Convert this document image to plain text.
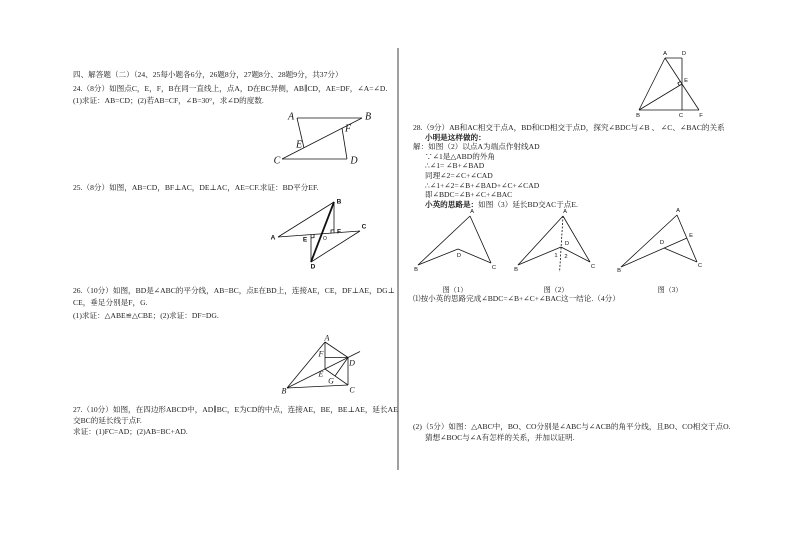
四、解答题（二）（24、25每小题各6分，26题8分，27题8分、28题9分，共37分）
24.（8分）如图点C，E，F，B在同一直线上，点A，D在BC异侧，AB∥CD，AE=DF，∠A=∠D.
(1)求证：AB=CD；(2)若AB=CF，∠B=30°，求∠D的度数.
25.（8分）如图，AB=CD，BF⊥AC，DE⊥AC，AE=CF.求证：BD平分EF.
26.（10分）如图，BD是∠ABC的平分线，AB=BC，点E在BD上，连接AE，CE，DF⊥AE，DG⊥
CE，垂足分别是F，G.
(1)求证：△ABE≌△CBE；(2)求证：DF=DG.
27.（10分）如图，在四边形ABCD中，AD∥BC，E为CD的中点，连接AE，BE，BE⊥AE，延长AE
交BC的延长线于点F.
求证：(1)FC=AD；(2)AB=BC+AD.
28.（9分）AB和AC相交于点A，BD和CD相交于点D，探究∠BDC与∠B 、 ∠C、∠BAC的关系
小明是这样做的：
解：如图（2）以点A为端点作射线AD
∵∠1是△ABD的外角
∴∠1= ∠B+∠BAD
同理∠2=∠C+∠CAD
∴∠1+∠2=∠B+∠BAD+∠C+∠CAD
即∠BDC=∠B+∠C+∠BAC
小英的思路是：如图（3）延长BD交AC于点E.
⑴按小英的思路完成∠BDC=∠B+∠C+∠BAC这一结论.（4分）
(2)（5分）如图：△ABC中，BO、CO分别是∠ABC与∠ACB的角平分线，且BO、CO相交于点O.
猜想∠BOC与∠A有怎样的关系，并加以证明.
A	B
C	D
E
F
A
B
C
D
E
F
O
A
B	C
D
E
F
G
A
B	C
D
E
F
A
B	C
D
图（1）
A
B	C
D
1 2
图（2）
A
B
C
D
E
图（3）
